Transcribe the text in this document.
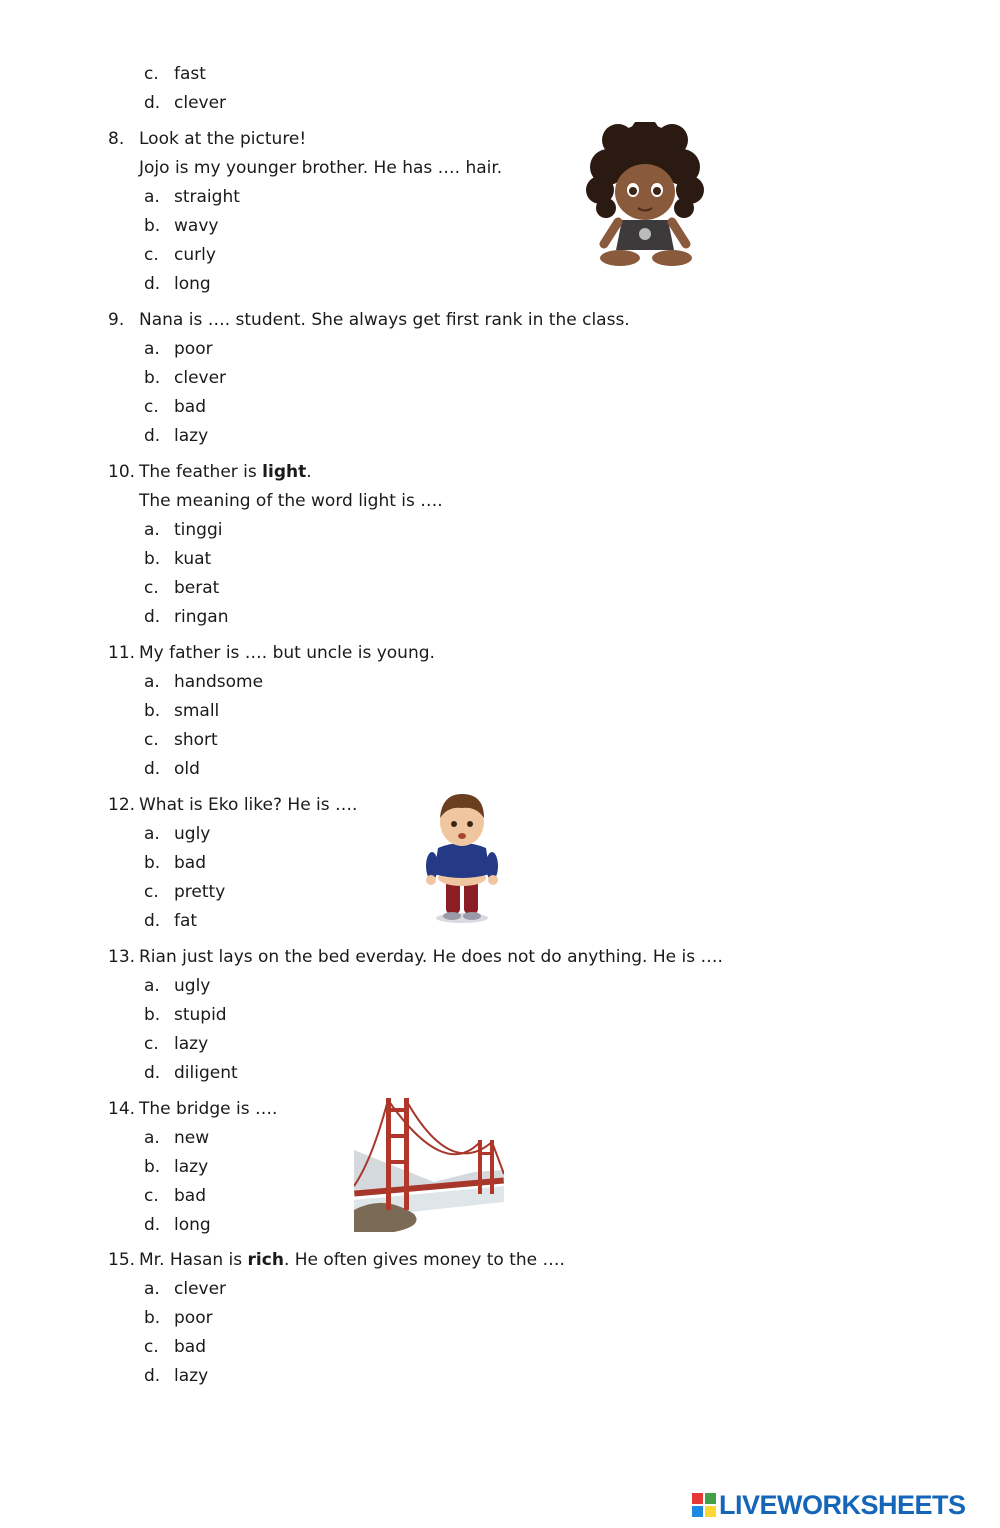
c. fast
d. clever
8. Look at the picture!
Jojo is my younger brother. He has …. hair.
a. straight
b. wavy
c. curly
d. long
9. Nana is …. student. She always get first rank in the class.
a. poor
b. clever
c. bad
d. lazy
10. The feather is light.
The meaning of the word light is ….
a. tinggi
b. kuat
c. berat
d. ringan
11. My father is …. but uncle is young.
a. handsome
b. small
c. short
d. old
12. What is Eko like? He is ….
a. ugly
b. bad
c. pretty
d. fat
13. Rian just lays on the bed everday. He does not do anything. He is ….
a. ugly
b. stupid
c. lazy
d. diligent
14. The bridge is ….
a. new
b. lazy
c. bad
d. long
15. Mr. Hasan is rich. He often gives money to the ….
a. clever
b. poor
c. bad
d. lazy
LIVEWORKSHEETS
